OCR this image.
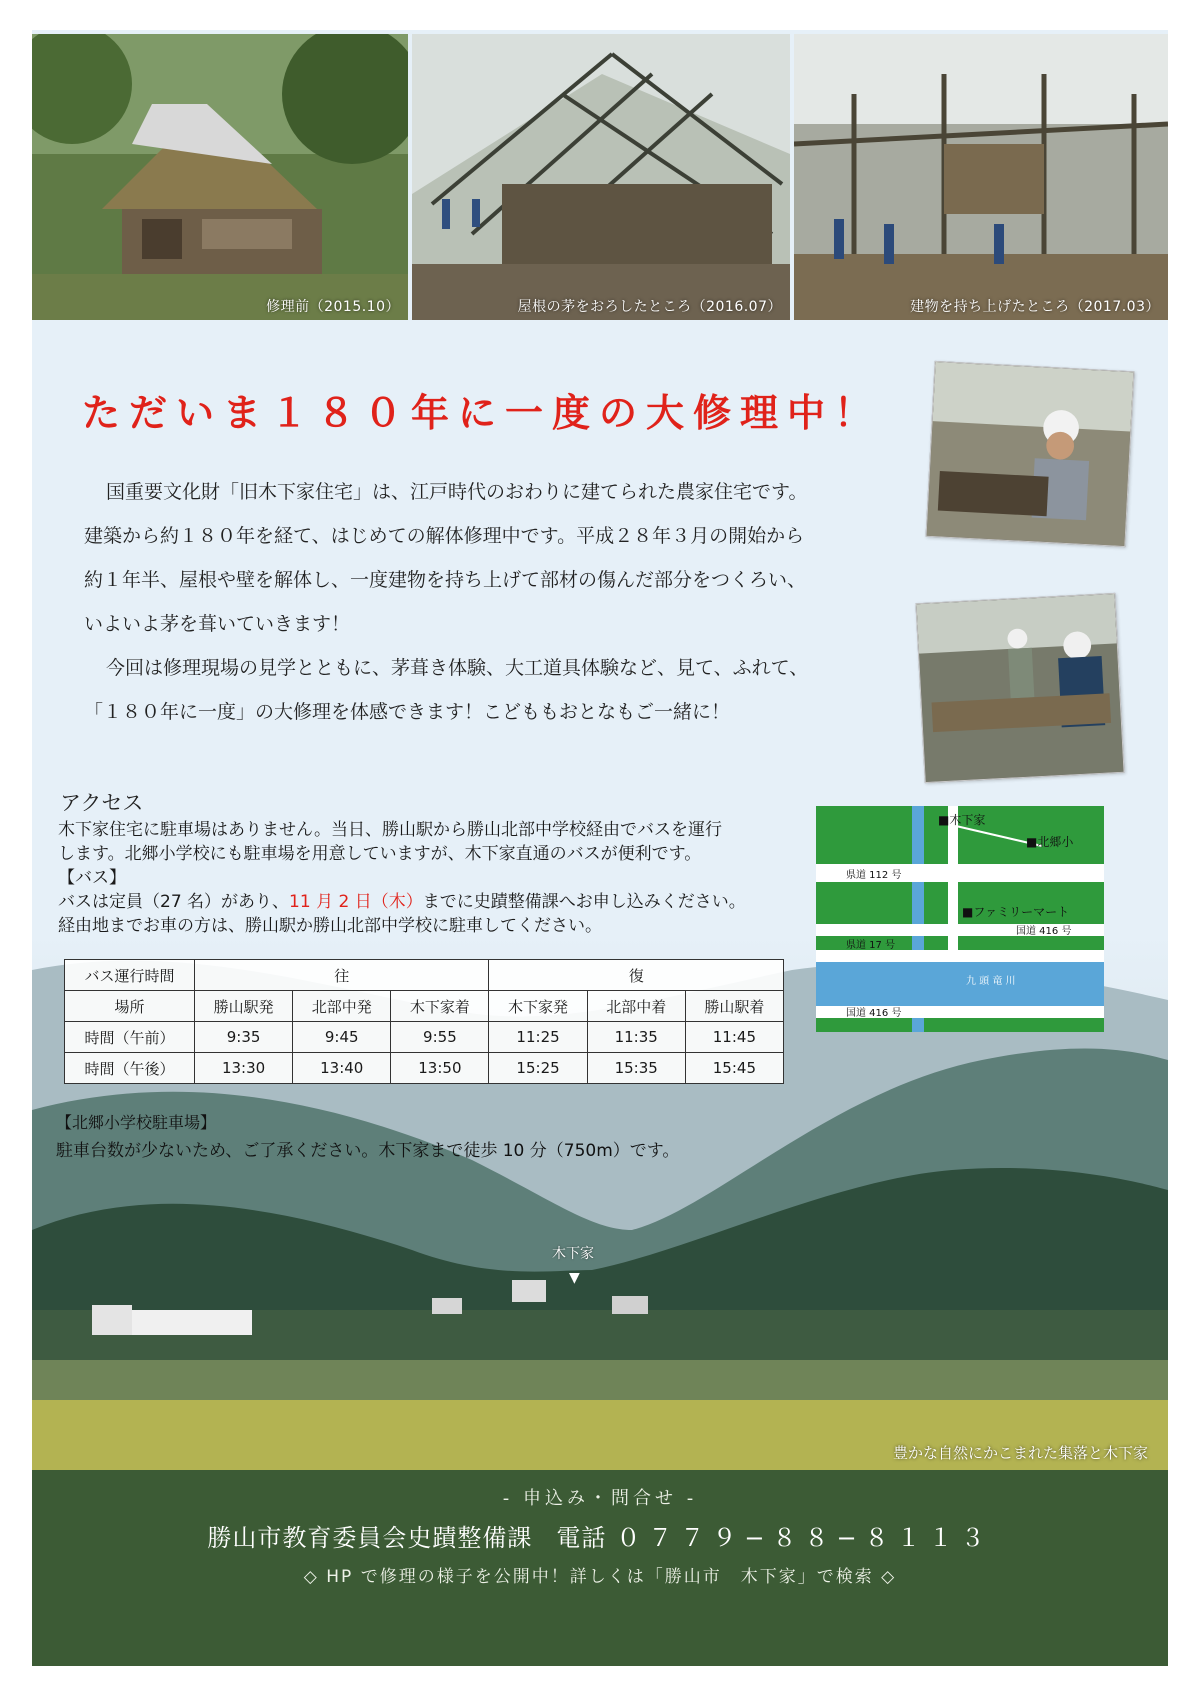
修理前（2015.10）	屋根の茅をおろしたところ（2016.07）	建物を持ち上げたところ（2017.03）
ただいま１８０年に一度の大修理中！

国重要文化財「旧木下家住宅」は、江戸時代のおわりに建てられた農家住宅です。

建築から約１８０年を経て、はじめての解体修理中です。平成２８年３月の開始から

約１年半、屋根や壁を解体し、一度建物を持ち上げて部材の傷んだ部分をつくろい、

いよいよ茅を葺いていきます！

今回は修理現場の見学とともに、茅葺き体験、大工道具体験など、見て、ふれて、

「１８０年に一度」の大修理を体感できます！こどももおとなもご一緒に！

アクセス

木下家住宅に駐車場はありません。当日、勝山駅から勝山北部中学校経由でバスを運行

します。北郷小学校にも駐車場を用意していますが、木下家直通のバスが便利です。

【バス】

バスは定員（27 名）があり、11 月 2 日（木）までに史蹟整備課へお申し込みください。

経由地までお車の方は、勝山駅か勝山北部中学校に駐車してください。

■木下家
■北郷小
県道 112 号
■ファミリーマート
国道 416 号
県道 17 号
九 頭 竜 川
国道 416 号
バス運行時間	往			復		
場所	勝山駅発	北部中発	木下家着	木下家発	北部中着	勝山駅着
時間（午前）	9:35	9:45	9:55	11:25	11:35	11:45
時間（午後）	13:30	13:40	13:50	15:25	15:35	15:45
【北郷小学校駐車場】
駐車台数が少ないため、ご了承ください。木下家まで徒歩 10 分（750m）です。
木下家
▼
豊かな自然にかこまれた集落と木下家
- 申込み・問合せ -
勝山市教育委員会史蹟整備課 電話 ０７７９−８８−８１１３
◇ HP で修理の様子を公開中！詳しくは「勝山市　木下家」で検索 ◇
